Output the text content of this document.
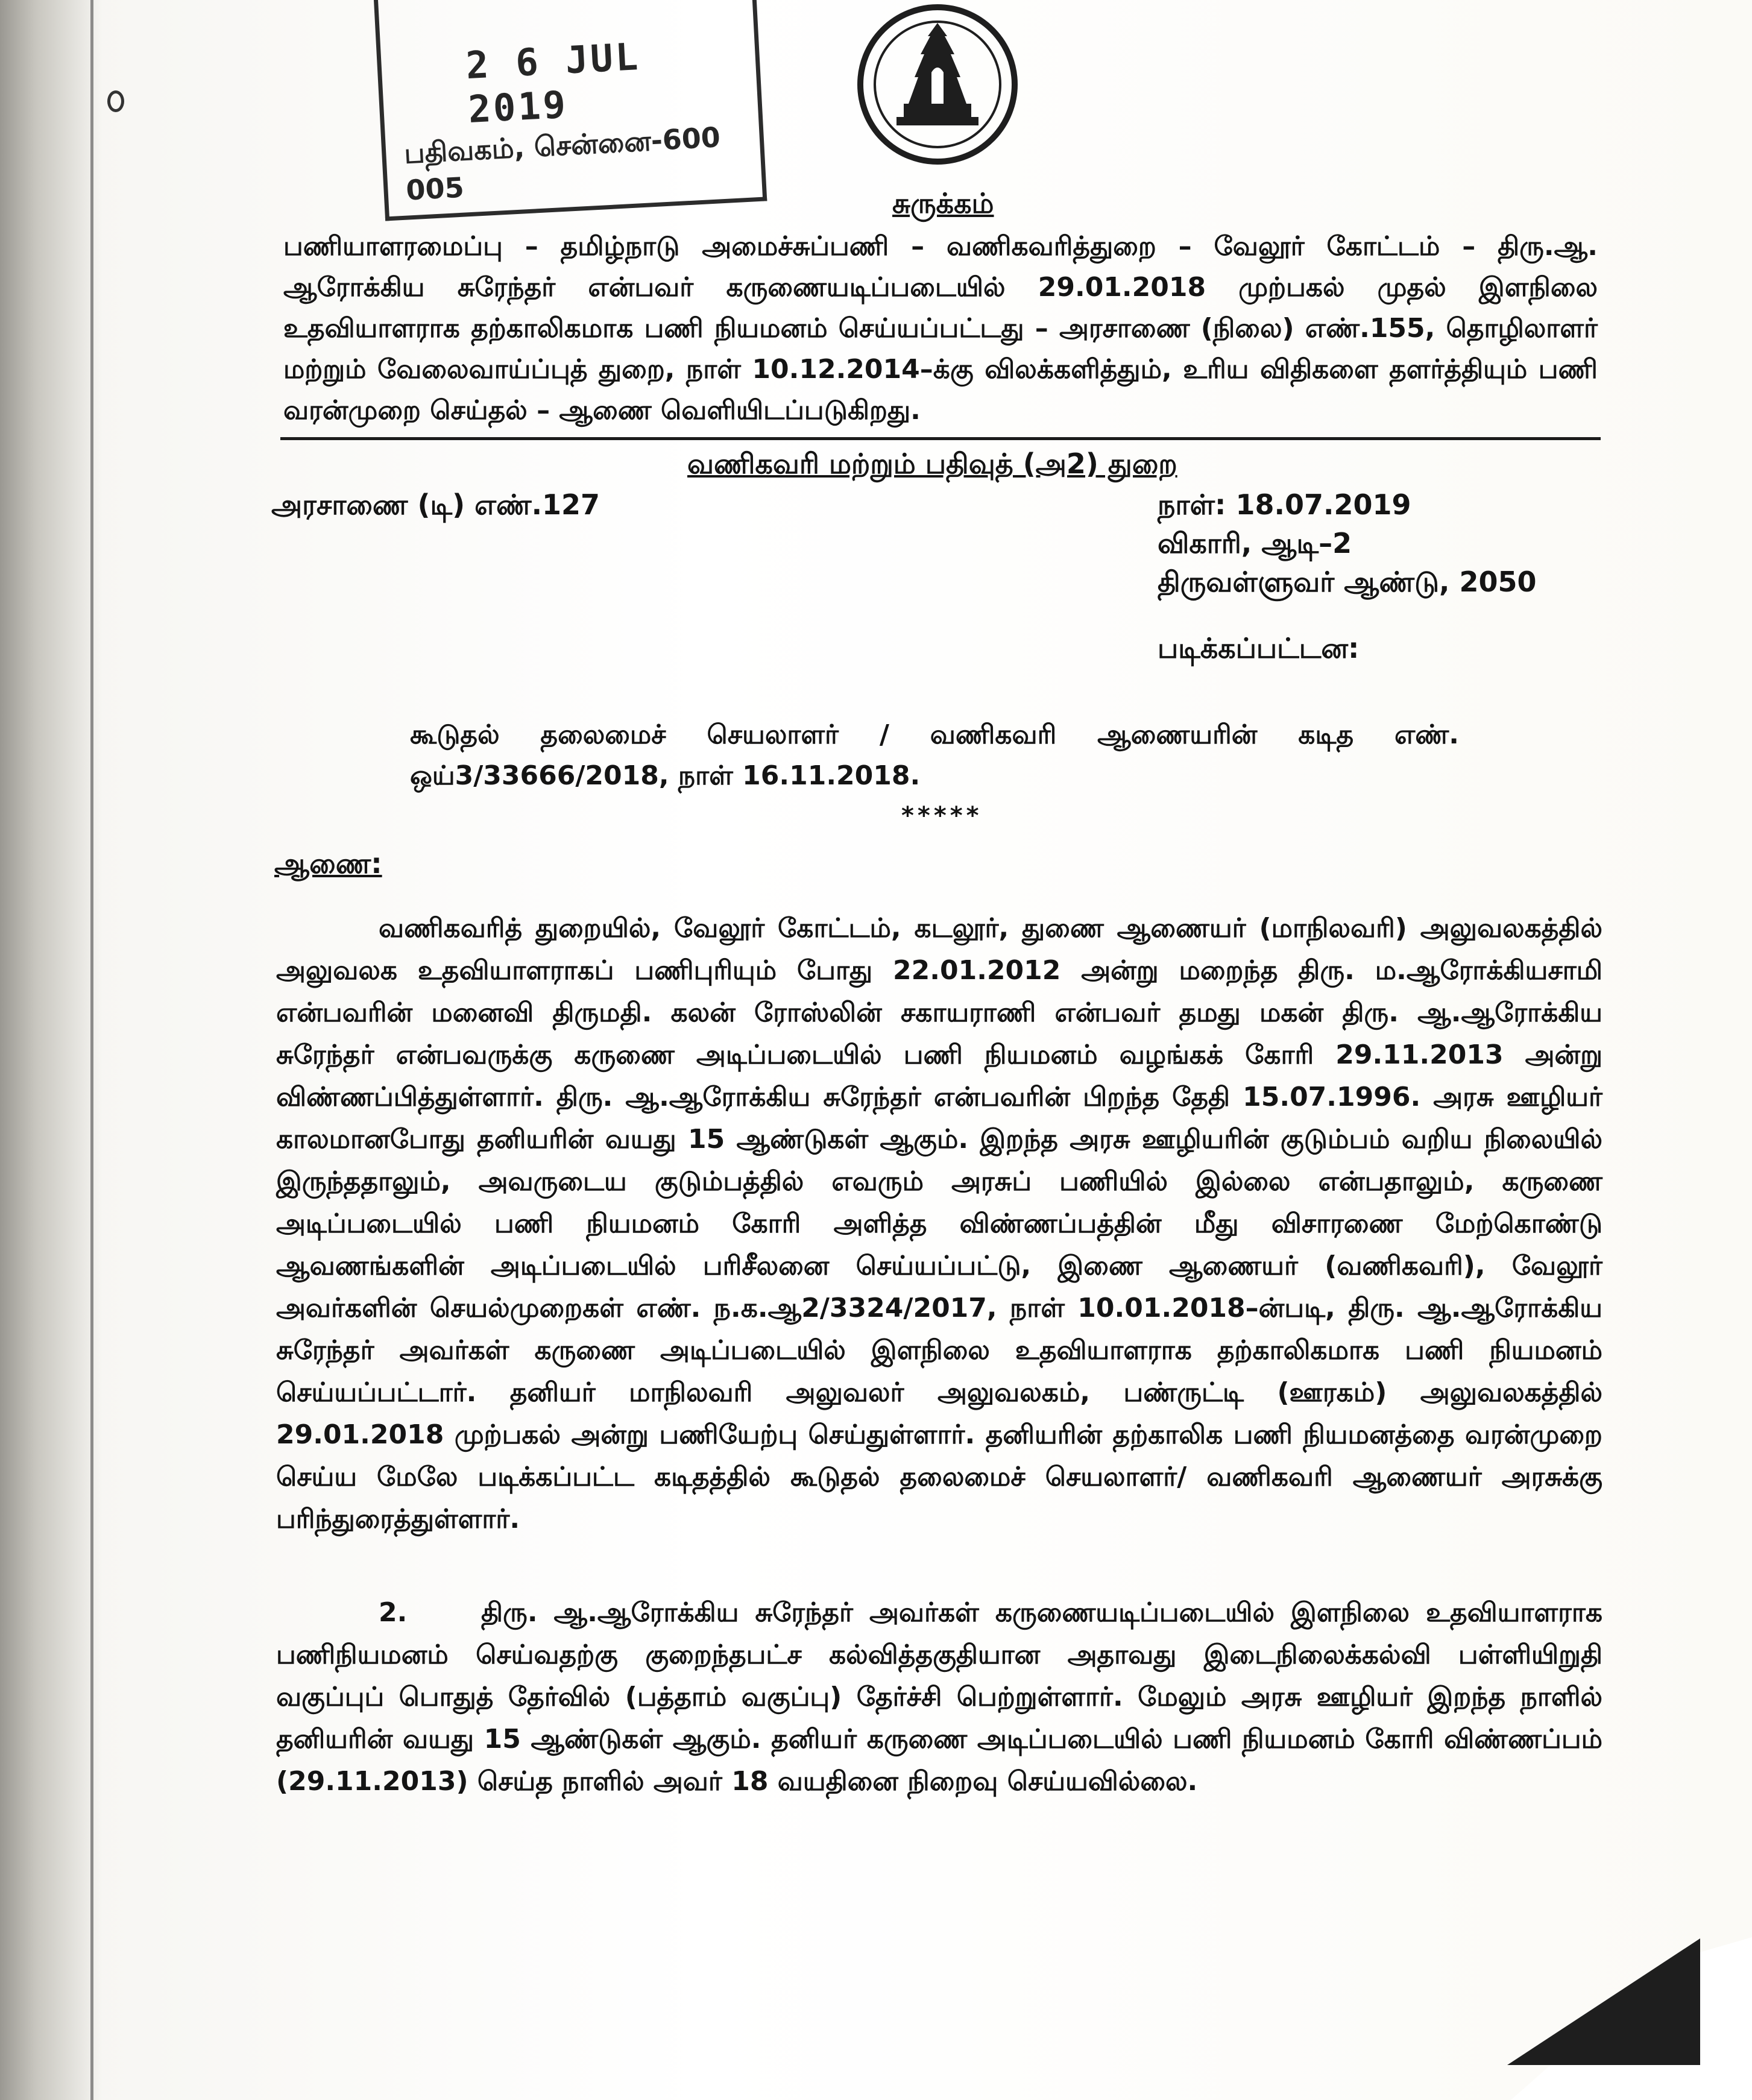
2 6 JUL 2019
பதிவகம், சென்னை-600 005	சுருக்கம்
பணியாளரமைப்பு – தமிழ்நாடு அமைச்சுப்பணி – வணிகவரித்துறை – வேலூர் கோட்டம் – திரு.ஆ. ஆரோக்கிய சுரேந்தர் என்பவர் கருணையடிப்படையில் 29.01.2018 முற்பகல் முதல் இளநிலை உதவியாளராக தற்காலிகமாக பணி நியமனம் செய்யப்பட்டது – அரசாணை (நிலை) எண்.155, தொழிலாளர் மற்றும் வேலைவாய்ப்புத் துறை, நாள் 10.12.2014–க்கு விலக்களித்தும், உரிய விதிகளை தளர்த்தியும் பணி வரன்முறை செய்தல் – ஆணை வெளியிடப்படுகிறது.
வணிகவரி மற்றும் பதிவுத் (அ2) துறை
அரசாணை (டி) எண்.127	நாள்: 18.07.2019
விகாரி, ஆடி–2
திருவள்ளுவர் ஆண்டு, 2050
படிக்கப்பட்டன:
கூடுதல் தலைமைச் செயலாளர் / வணிகவரி ஆணையரின் கடித எண். ஒய்3/33666/2018, நாள் 16.11.2018.
*****
ஆணை:
வணிகவரித் துறையில், வேலூர் கோட்டம், கடலூர், துணை ஆணையர் (மாநிலவரி) அலுவலகத்தில் அலுவலக உதவியாளராகப் பணிபுரியும் போது 22.01.2012 அன்று மறைந்த திரு. ம.ஆரோக்கியசாமி என்பவரின் மனைவி திருமதி. கலன் ரோஸ்லின் சகாயராணி என்பவர் தமது மகன் திரு. ஆ.ஆரோக்கிய சுரேந்தர் என்பவருக்கு கருணை அடிப்படையில் பணி நியமனம் வழங்கக் கோரி 29.11.2013 அன்று விண்ணப்பித்துள்ளார். திரு. ஆ.ஆரோக்கிய சுரேந்தர் என்பவரின் பிறந்த தேதி 15.07.1996. அரசு ஊழியர் காலமானபோது தனியரின் வயது 15 ஆண்டுகள் ஆகும். இறந்த அரசு ஊழியரின் குடும்பம் வறிய நிலையில் இருந்ததாலும், அவருடைய குடும்பத்தில் எவரும் அரசுப் பணியில் இல்லை என்பதாலும், கருணை அடிப்படையில் பணி நியமனம் கோரி அளித்த விண்ணப்பத்தின் மீது விசாரணை மேற்கொண்டு ஆவணங்களின் அடிப்படையில் பரிசீலனை செய்யப்பட்டு, இணை ஆணையர் (வணிகவரி), வேலூர் அவர்களின் செயல்முறைகள் எண். ந.க.ஆ2/3324/2017, நாள் 10.01.2018–ன்படி, திரு. ஆ.ஆரோக்கிய சுரேந்தர் அவர்கள் கருணை அடிப்படையில் இளநிலை உதவியாளராக தற்காலிகமாக பணி நியமனம் செய்யப்பட்டார். தனியர் மாநிலவரி அலுவலர் அலுவலகம், பண்ருட்டி (ஊரகம்) அலுவலகத்தில் 29.01.2018 முற்பகல் அன்று பணியேற்பு செய்துள்ளார். தனியரின் தற்காலிக பணி நியமனத்தை வரன்முறை செய்ய மேலே படிக்கப்பட்ட கடிதத்தில் கூடுதல் தலைமைச் செயலாளர்/ வணிகவரி ஆணையர் அரசுக்கு பரிந்துரைத்துள்ளார்.
2.	திரு. ஆ.ஆரோக்கிய சுரேந்தர் அவர்கள் கருணையடிப்படையில் இளநிலை உதவியாளராக பணிநியமனம் செய்வதற்கு குறைந்தபட்ச கல்வித்தகுதியான அதாவது இடைநிலைக்கல்வி பள்ளியிறுதி வகுப்புப் பொதுத் தேர்வில் (பத்தாம் வகுப்பு) தேர்ச்சி பெற்றுள்ளார். மேலும் அரசு ஊழியர் இறந்த நாளில் தனியரின் வயது 15 ஆண்டுகள் ஆகும். தனியர் கருணை அடிப்படையில் பணி நியமனம் கோரி விண்ணப்பம் (29.11.2013) செய்த நாளில் அவர் 18 வயதினை நிறைவு செய்யவில்லை.
